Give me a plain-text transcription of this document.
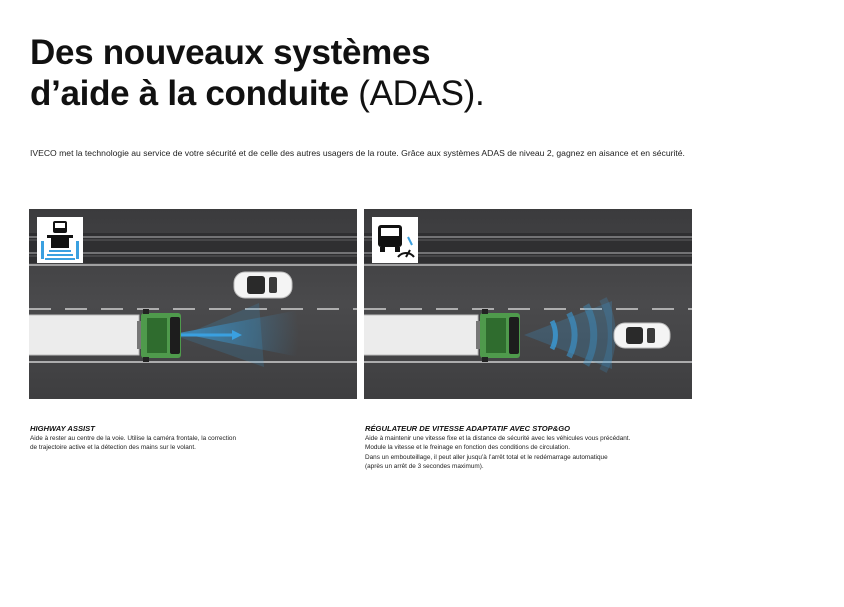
Des nouveaux systèmes
d’aide à la conduite (ADAS).

IVECO met la technologie au service de votre sécurité et de celle des autres usagers de la route. Grâce aux systèmes ADAS de niveau 2, gagnez en aisance et en sécurité.

HIGHWAY ASSIST

Aide à rester au centre de la voie. Utilise la caméra frontale, la correction

de trajectoire active et la détection des mains sur le volant.

RÉGULATEUR DE VITESSE ADAPTATIF AVEC STOP&GO

Aide à maintenir une vitesse fixe et la distance de sécurité avec les véhicules vous précédant.

Module la vitesse et le freinage en fonction des conditions de circulation.

Dans un embouteillage, il peut aller jusqu’à l’arrêt total et le redémarrage automatique

(après un arrêt de 3 secondes maximum).
